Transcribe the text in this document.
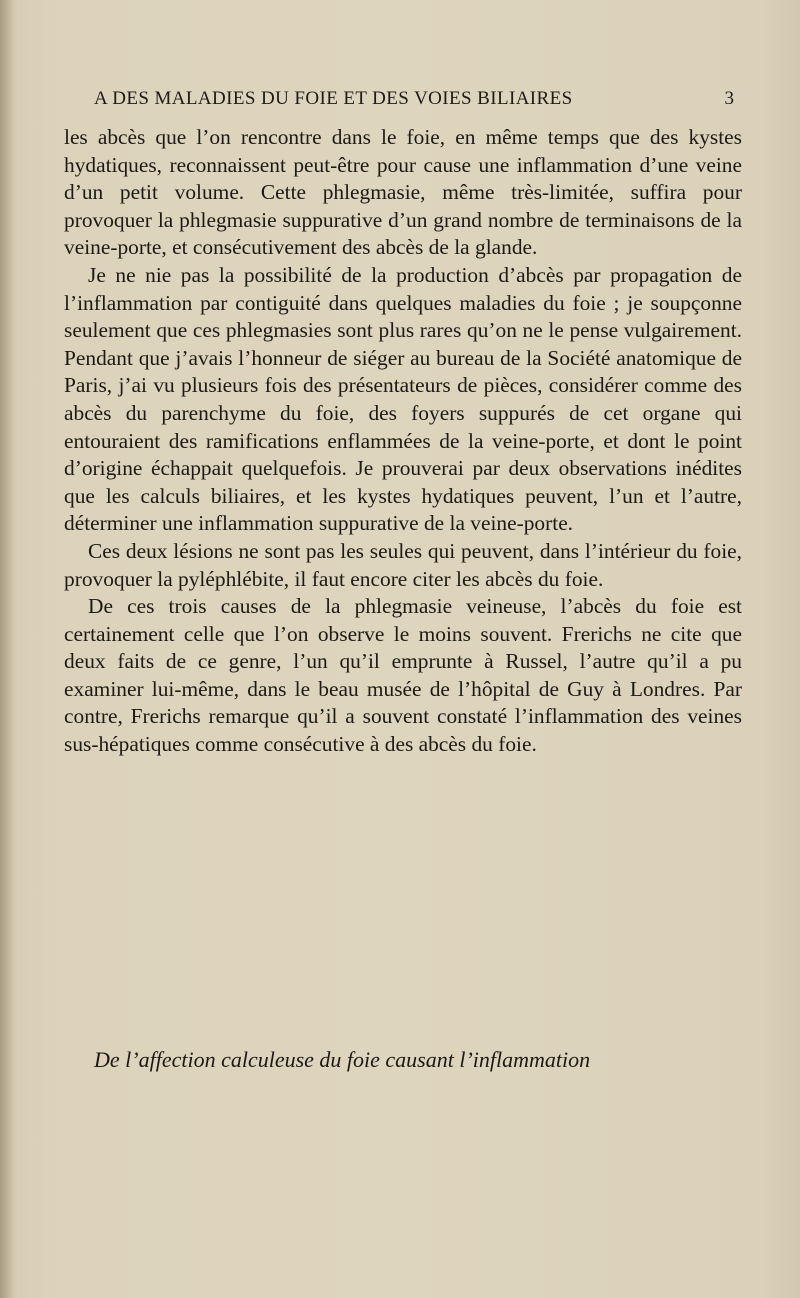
A DES MALADIES DU FOIE ET DES VOIES BILIAIRES	3

les abcès que l’on rencontre dans le foie, en même temps que des kystes hydatiques, reconnaissent peut-être pour cause une inflammation d’une veine d’un petit volume. Cette phlegmasie, même très-limitée, suffira pour provoquer la phlegmasie suppurative d’un grand nombre de terminaisons de la veine-porte, et consécutivement des abcès de la glande.

Je ne nie pas la possibilité de la production d’abcès par propagation de l’inflammation par contiguité dans quelques maladies du foie ; je soupçonne seulement que ces phlegmasies sont plus rares qu’on ne le pense vulgairement. Pendant que j’avais l’honneur de siéger au bureau de la Société anatomique de Paris, j’ai vu plusieurs fois des présentateurs de pièces, considérer comme des abcès du parenchyme du foie, des foyers suppurés de cet organe qui entouraient des ramifications enflammées de la veine-porte, et dont le point d’origine échappait quelquefois. Je prouverai par deux observations inédites que les calculs biliaires, et les kystes hydatiques peuvent, l’un et l’autre, déterminer une inflammation suppurative de la veine-porte.

Ces deux lésions ne sont pas les seules qui peuvent, dans l’intérieur du foie, provoquer la pyléphlébite, il faut encore citer les abcès du foie.

De ces trois causes de la phlegmasie veineuse, l’abcès du foie est certainement celle que l’on observe le moins souvent. Frerichs ne cite que deux faits de ce genre, l’un qu’il emprunte à Russel, l’autre qu’il a pu examiner lui-même, dans le beau musée de l’hôpital de Guy à Londres. Par contre, Frerichs remarque qu’il a souvent constaté l’inflammation des veines sus-hépatiques comme consécutive à des abcès du foie.

De l’affection calculeuse du foie causant l’inflammation
